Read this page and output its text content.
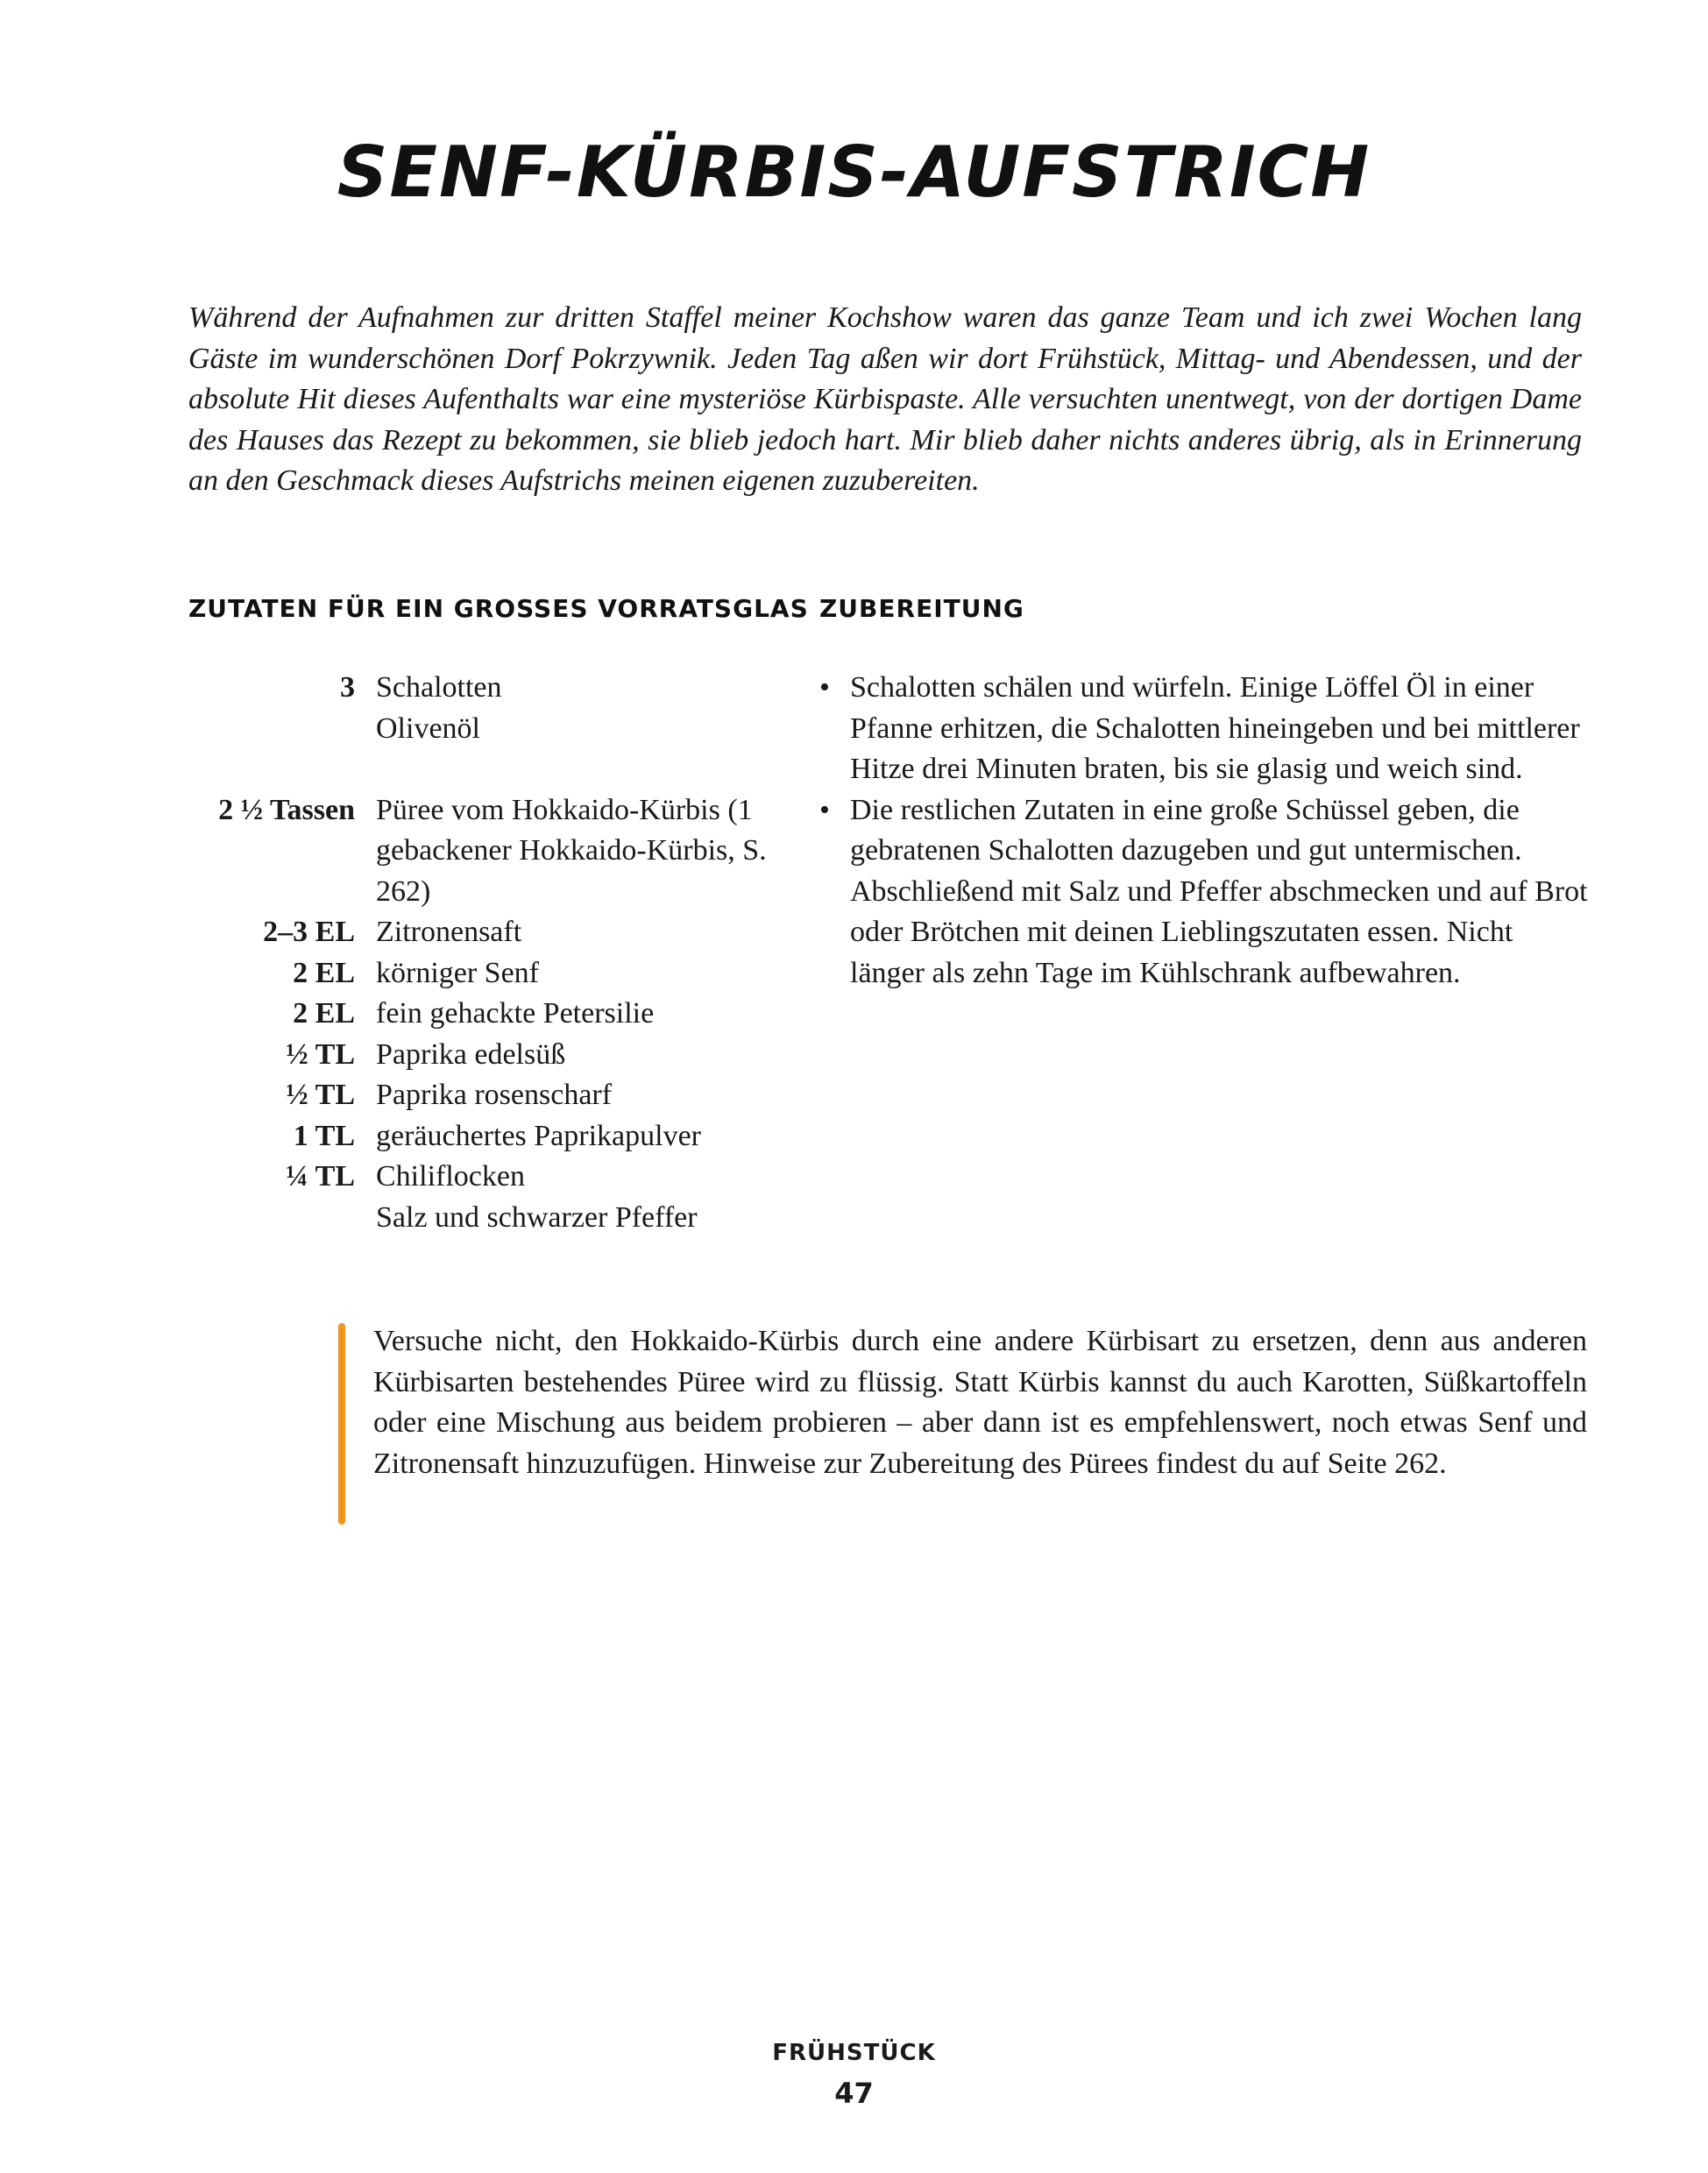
SENF-KÜRBIS-AUFSTRICH

Während der Aufnahmen zur dritten Staffel meiner Kochshow waren das ganze Team und ich zwei Wochen lang Gäste im wunderschönen Dorf Pokrzywnik. Jeden Tag aßen wir dort Frühstück, Mittag- und Abendessen, und der absolute Hit dieses Aufenthalts war eine mysteriöse Kürbispaste. Alle versuchten unentwegt, von der dortigen Dame des Hauses das Rezept zu bekommen, sie blieb jedoch hart. Mir blieb daher nichts anderes übrig, als in Erinnerung an den Geschmack dieses Aufstrichs meinen eigenen zuzubereiten.

ZUTATEN FÜR EIN GROSSES VORRATSGLAS ZUBEREITUNG
3 Schalotten
Olivenöl
2 ½ Tassen Püree vom Hokkaido-Kürbis (1 gebackener Hokkaido-Kürbis, S. 262)
2–3 EL Zitronensaft
2 EL körniger Senf
2 EL fein gehackte Petersilie
½ TL Paprika edelsüß
½ TL Paprika rosenscharf
1 TL geräuchertes Paprikapulver
¼ TL Chiliflocken
Salz und schwarzer Pfeffer
• Schalotten schälen und würfeln. Einige Löffel Öl in einer Pfanne erhitzen, die Schalotten hineingeben und bei mittlerer Hitze drei Minuten braten, bis sie glasig und weich sind.
• Die restlichen Zutaten in eine große Schüssel geben, die gebratenen Schalotten dazugeben und gut untermischen. Abschließend mit Salz und Pfeffer abschmecken und auf Brot oder Brötchen mit deinen Lieblingszutaten essen. Nicht länger als zehn Tage im Kühlschrank aufbewahren.
Versuche nicht, den Hokkaido-Kürbis durch eine andere Kürbisart zu ersetzen, denn aus anderen Kürbisarten bestehendes Püree wird zu flüssig. Statt Kürbis kannst du auch Karotten, Süßkartoffeln oder eine Mischung aus beidem probieren – aber dann ist es empfehlenswert, noch etwas Senf und Zitronensaft hinzuzufügen. Hinweise zur Zubereitung des Pürees findest du auf Seite 262.
FRÜHSTÜCK
47
